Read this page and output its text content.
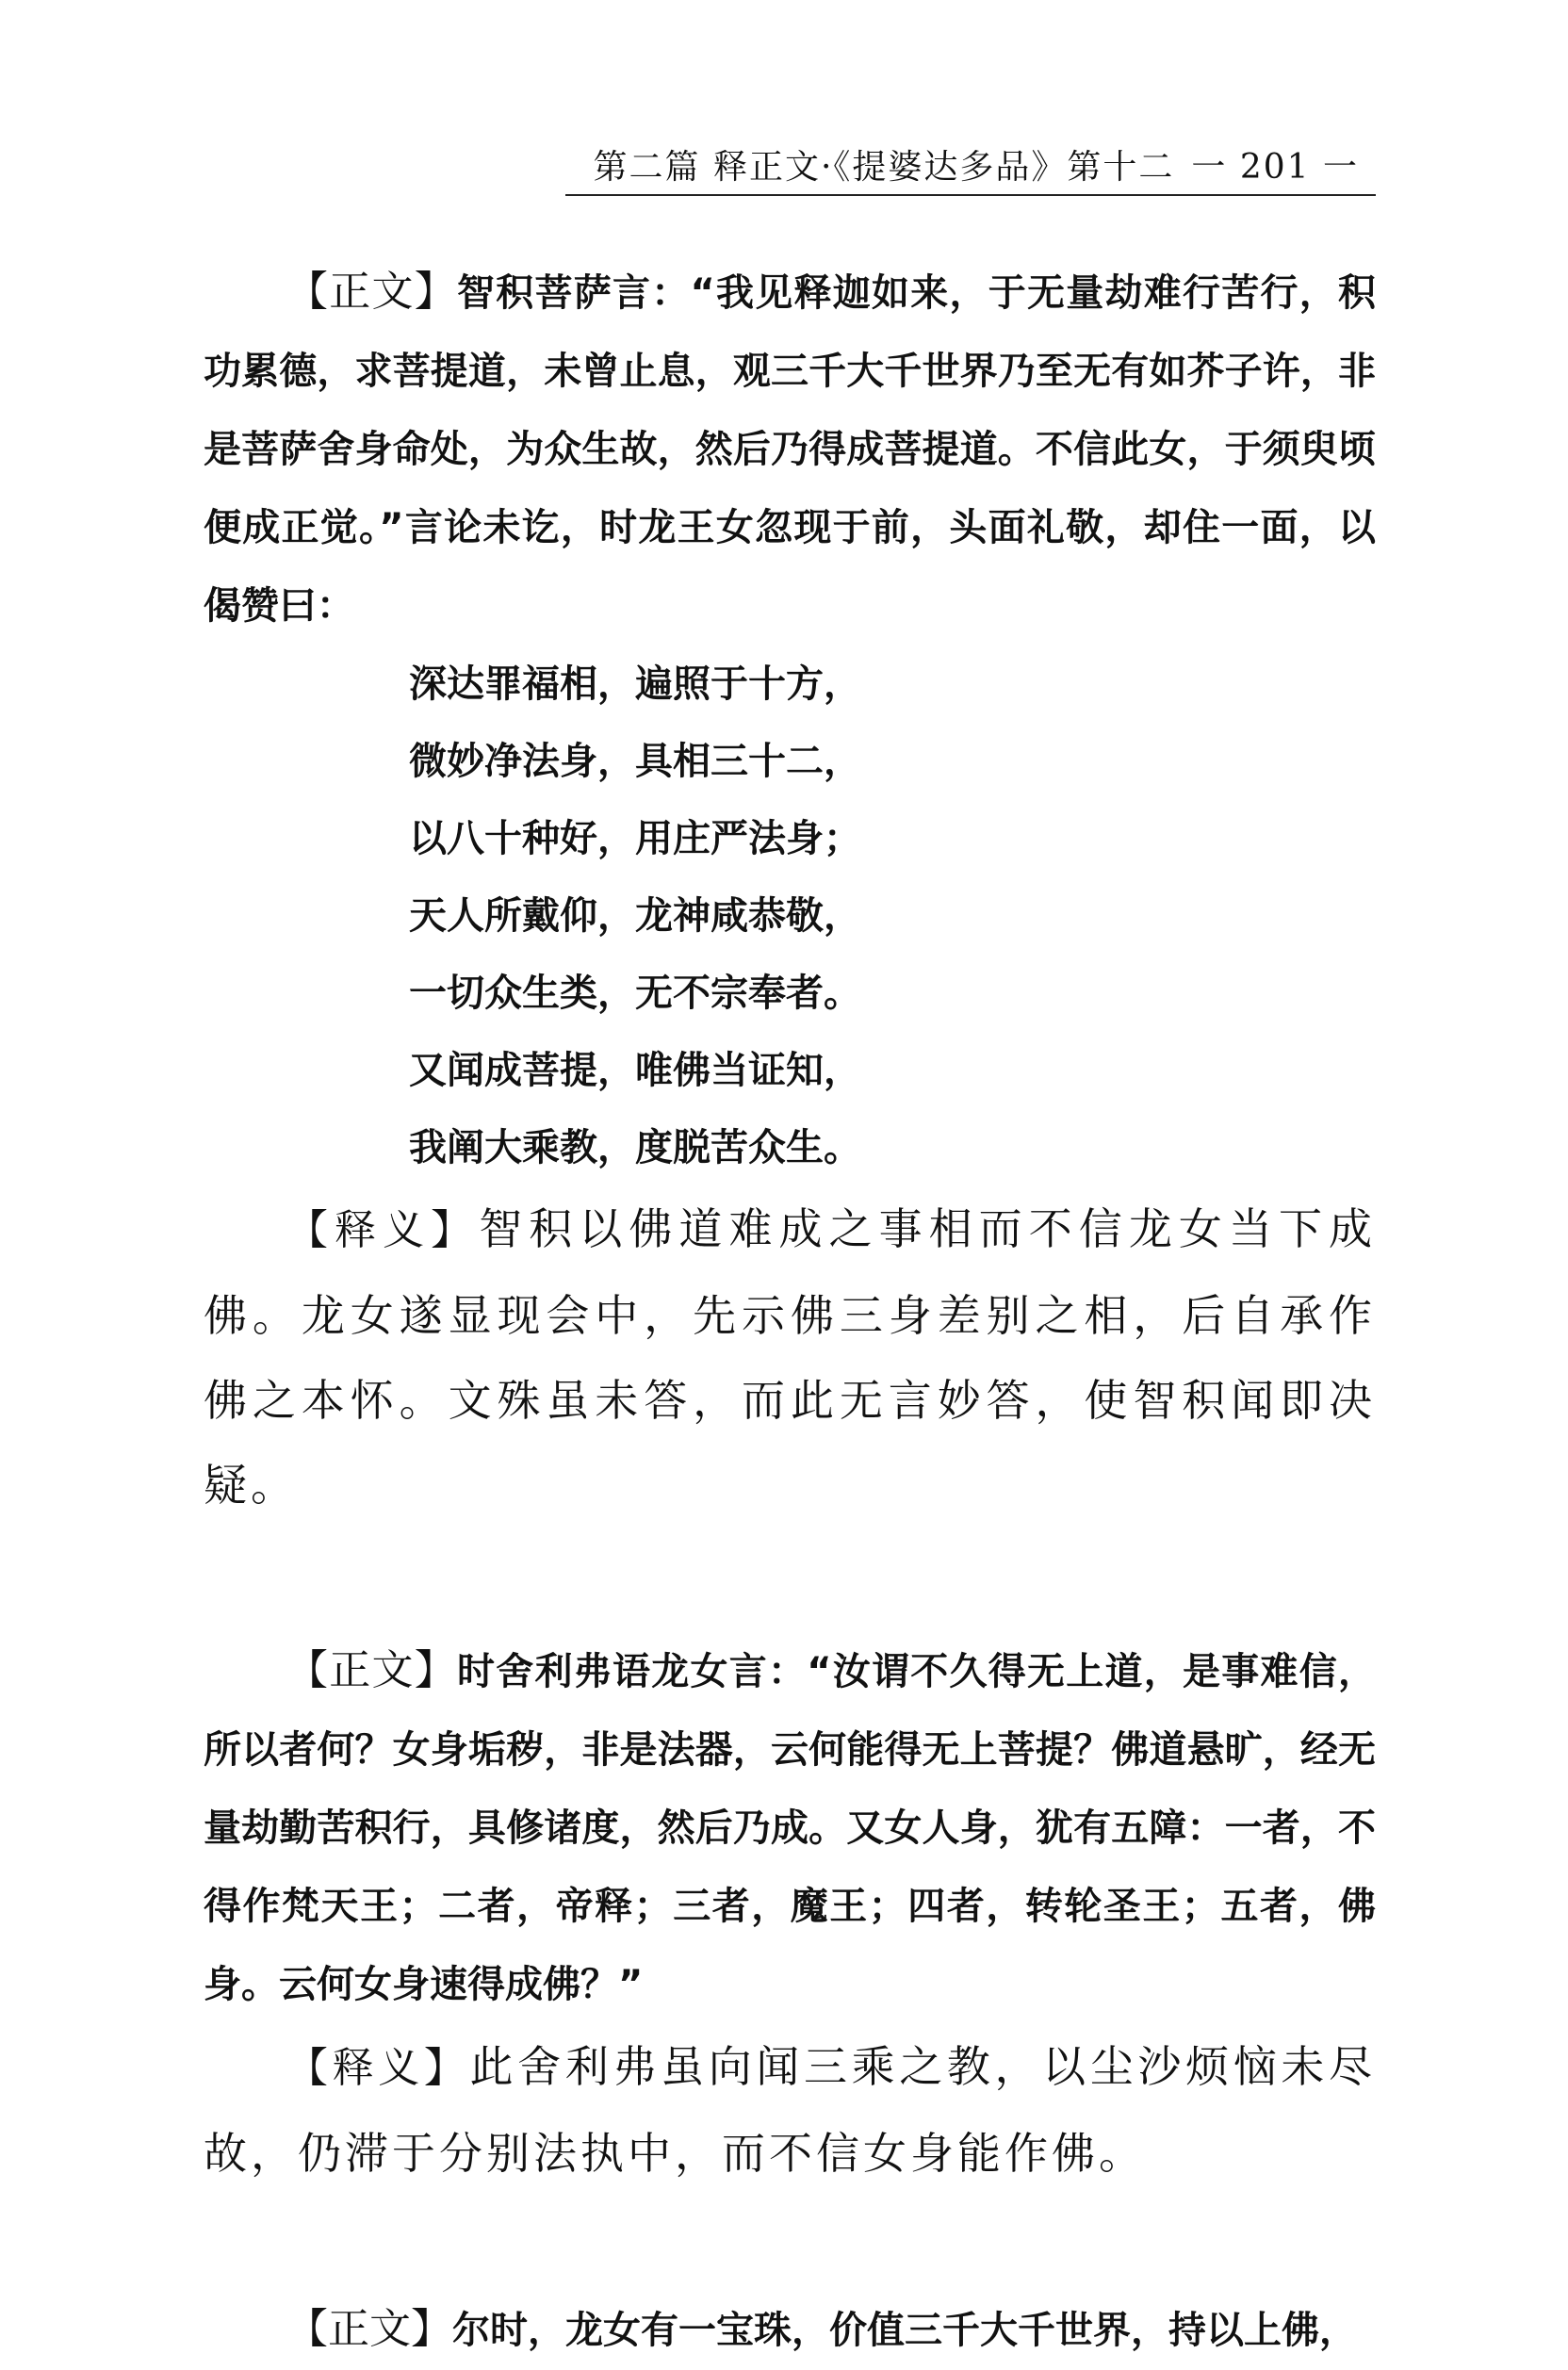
第二篇 释正文·《提婆达多品》第十二 一 201 一

【正文】智积菩萨言：“我见释迦如来，于无量劫难行苦行，积功累德，求菩提道，未曾止息，观三千大千世界乃至无有如芥子许，非是菩萨舍身命处，为众生故，然后乃得成菩提道。不信此女，于须臾顷便成正觉。”言论未讫，时龙王女忽现于前，头面礼敬，却住一面，以偈赞曰：

深达罪福相，遍照于十方，

微妙净法身，具相三十二，

以八十种好，用庄严法身；

天人所戴仰，龙神咸恭敬，

一切众生类，无不宗奉者。

又闻成菩提，唯佛当证知，

我阐大乘教，度脱苦众生。

【释义】智积以佛道难成之事相而不信龙女当下成佛。龙女遂显现会中，先示佛三身差别之相，后自承作佛之本怀。文殊虽未答，而此无言妙答，使智积闻即决疑。

【正文】时舍利弗语龙女言：“汝谓不久得无上道，是事难信，所以者何？女身垢秽，非是法器，云何能得无上菩提？佛道悬旷，经无量劫勤苦积行，具修诸度，然后乃成。又女人身，犹有五障：一者，不得作梵天王；二者，帝释；三者，魔王；四者，转轮圣王；五者，佛身。云何女身速得成佛？”

【释义】此舍利弗虽向闻三乘之教，以尘沙烦恼未尽故，仍滞于分别法执中，而不信女身能作佛。

【正文】尔时，龙女有一宝珠，价值三千大千世界，持以上佛，
